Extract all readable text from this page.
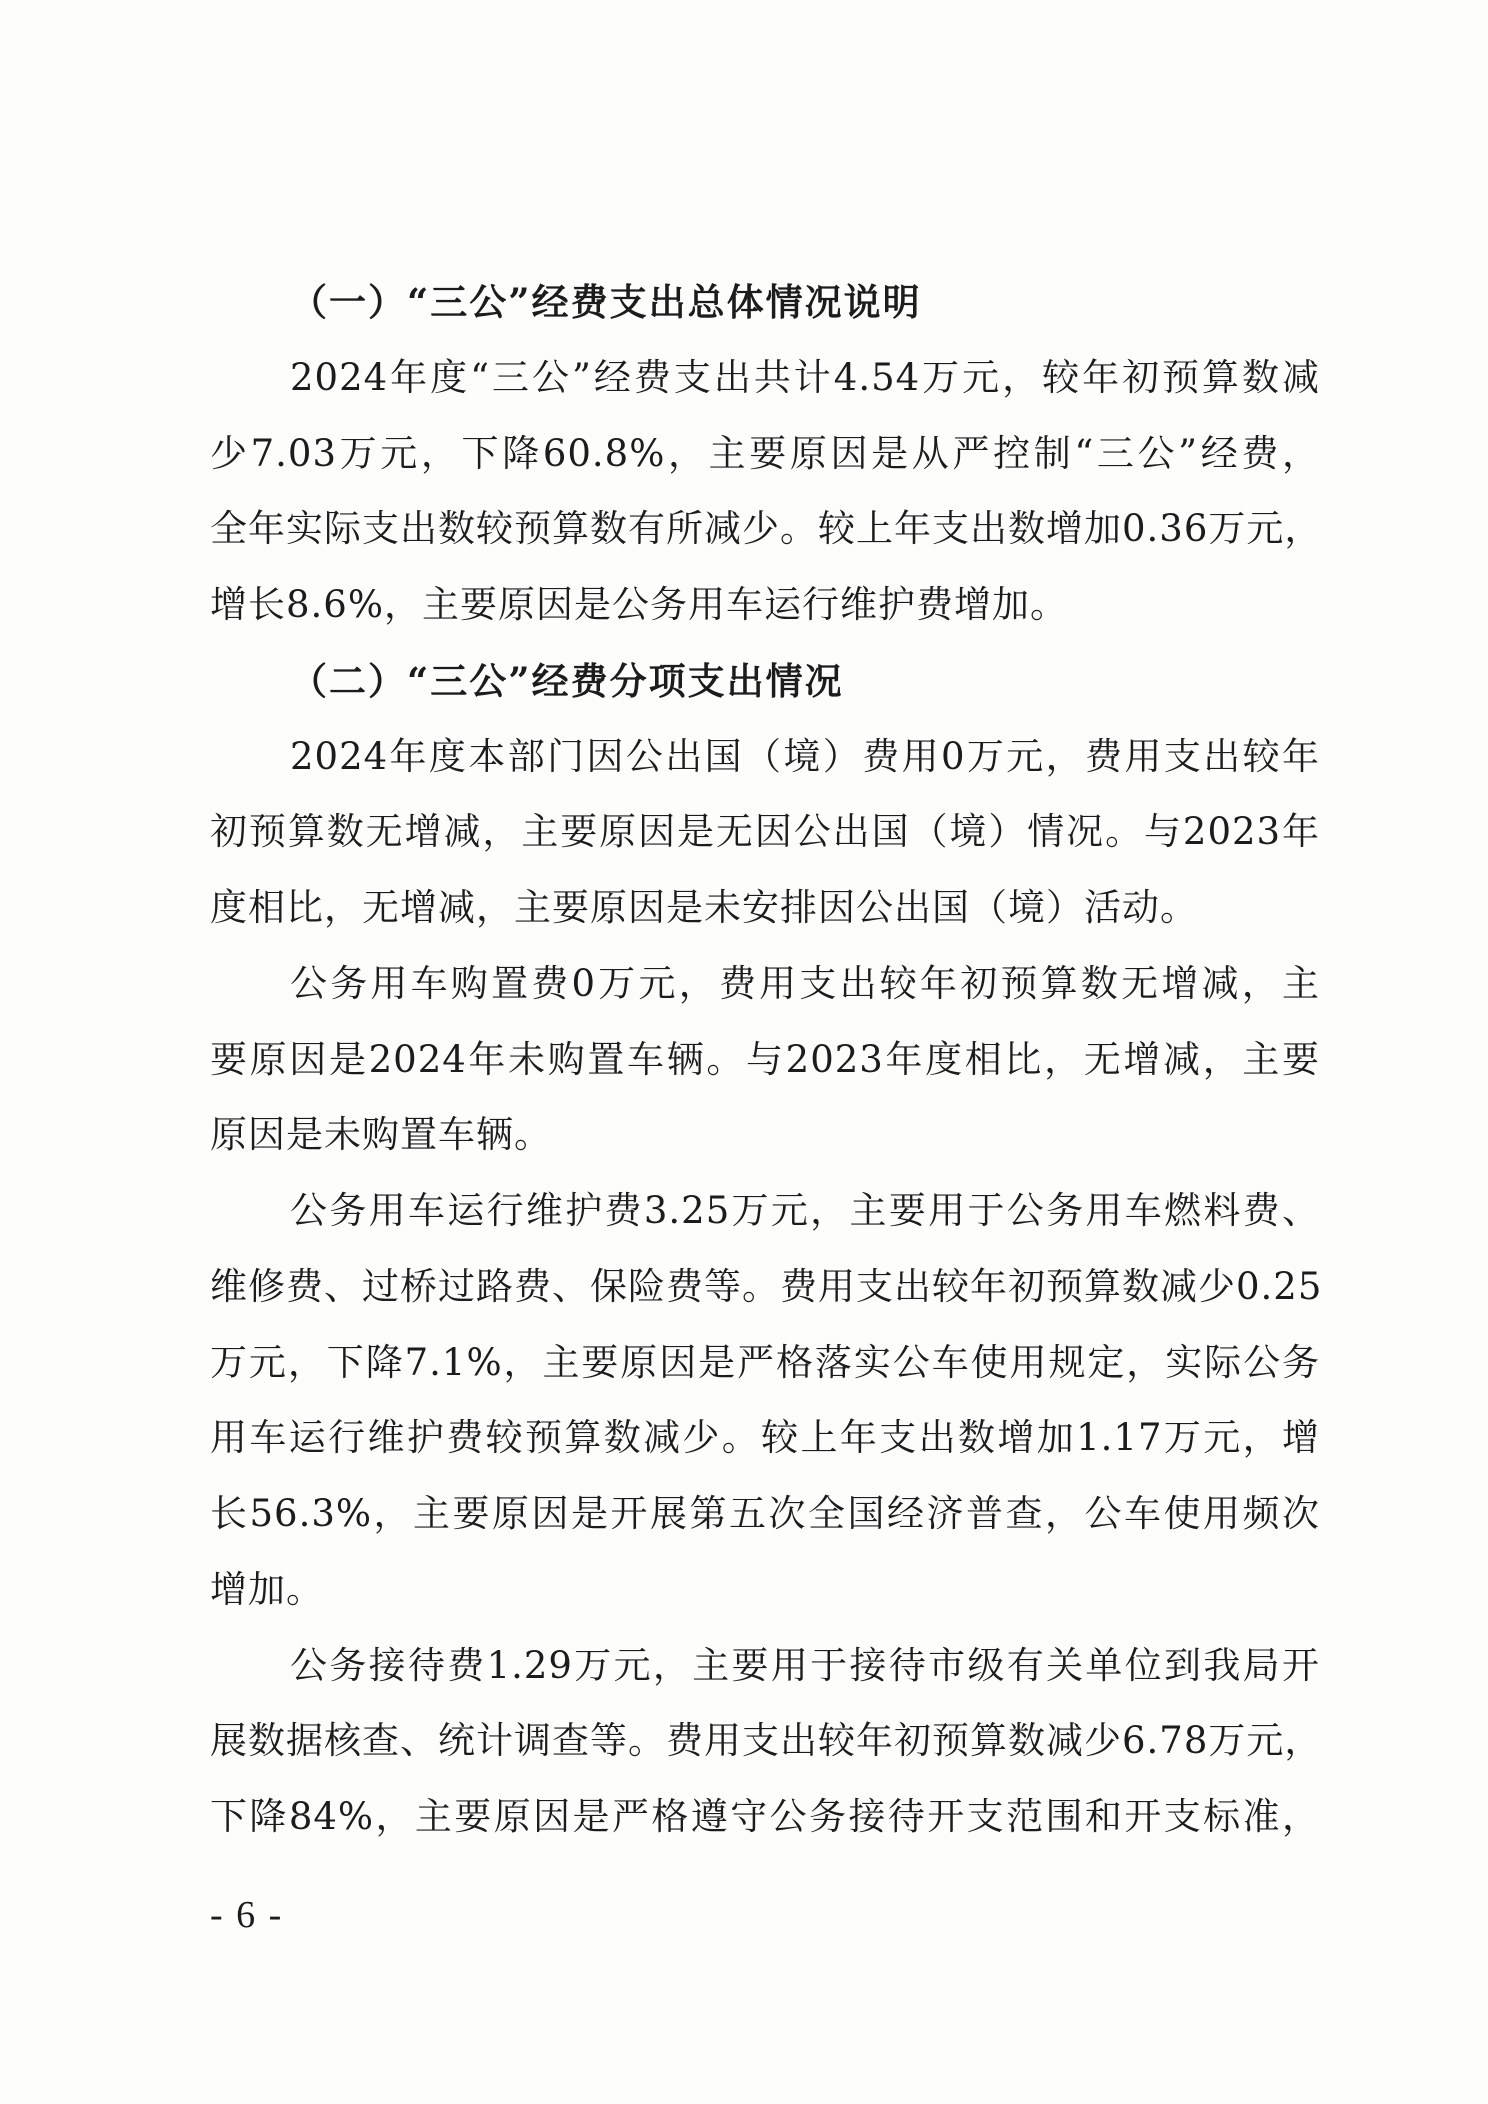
（一）“三公”经费支出总体情况说明
2024年度“三公”经费支出共计4.54万元，较年初预算数减
少7.03万元，下降60.8%，主要原因是从严控制“三公”经费，
全年实际支出数较预算数有所减少。较上年支出数增加0.36万元，
增长8.6%，主要原因是公务用车运行维护费增加。
（二）“三公”经费分项支出情况
2024年度本部门因公出国（境）费用0万元，费用支出较年
初预算数无增减，主要原因是无因公出国（境）情况。与2023年
度相比，无增减，主要原因是未安排因公出国（境）活动。
公务用车购置费0万元，费用支出较年初预算数无增减，主
要原因是2024年未购置车辆。与2023年度相比，无增减，主要
原因是未购置车辆。
公务用车运行维护费3.25万元，主要用于公务用车燃料费、
维修费、过桥过路费、保险费等。费用支出较年初预算数减少0.25
万元，下降7.1%，主要原因是严格落实公车使用规定，实际公务
用车运行维护费较预算数减少。较上年支出数增加1.17万元，增
长56.3%，主要原因是开展第五次全国经济普查，公车使用频次
增加。
公务接待费1.29万元，主要用于接待市级有关单位到我局开
展数据核查、统计调查等。费用支出较年初预算数减少6.78万元，
下降84%，主要原因是严格遵守公务接待开支范围和开支标准，
- 6 -
